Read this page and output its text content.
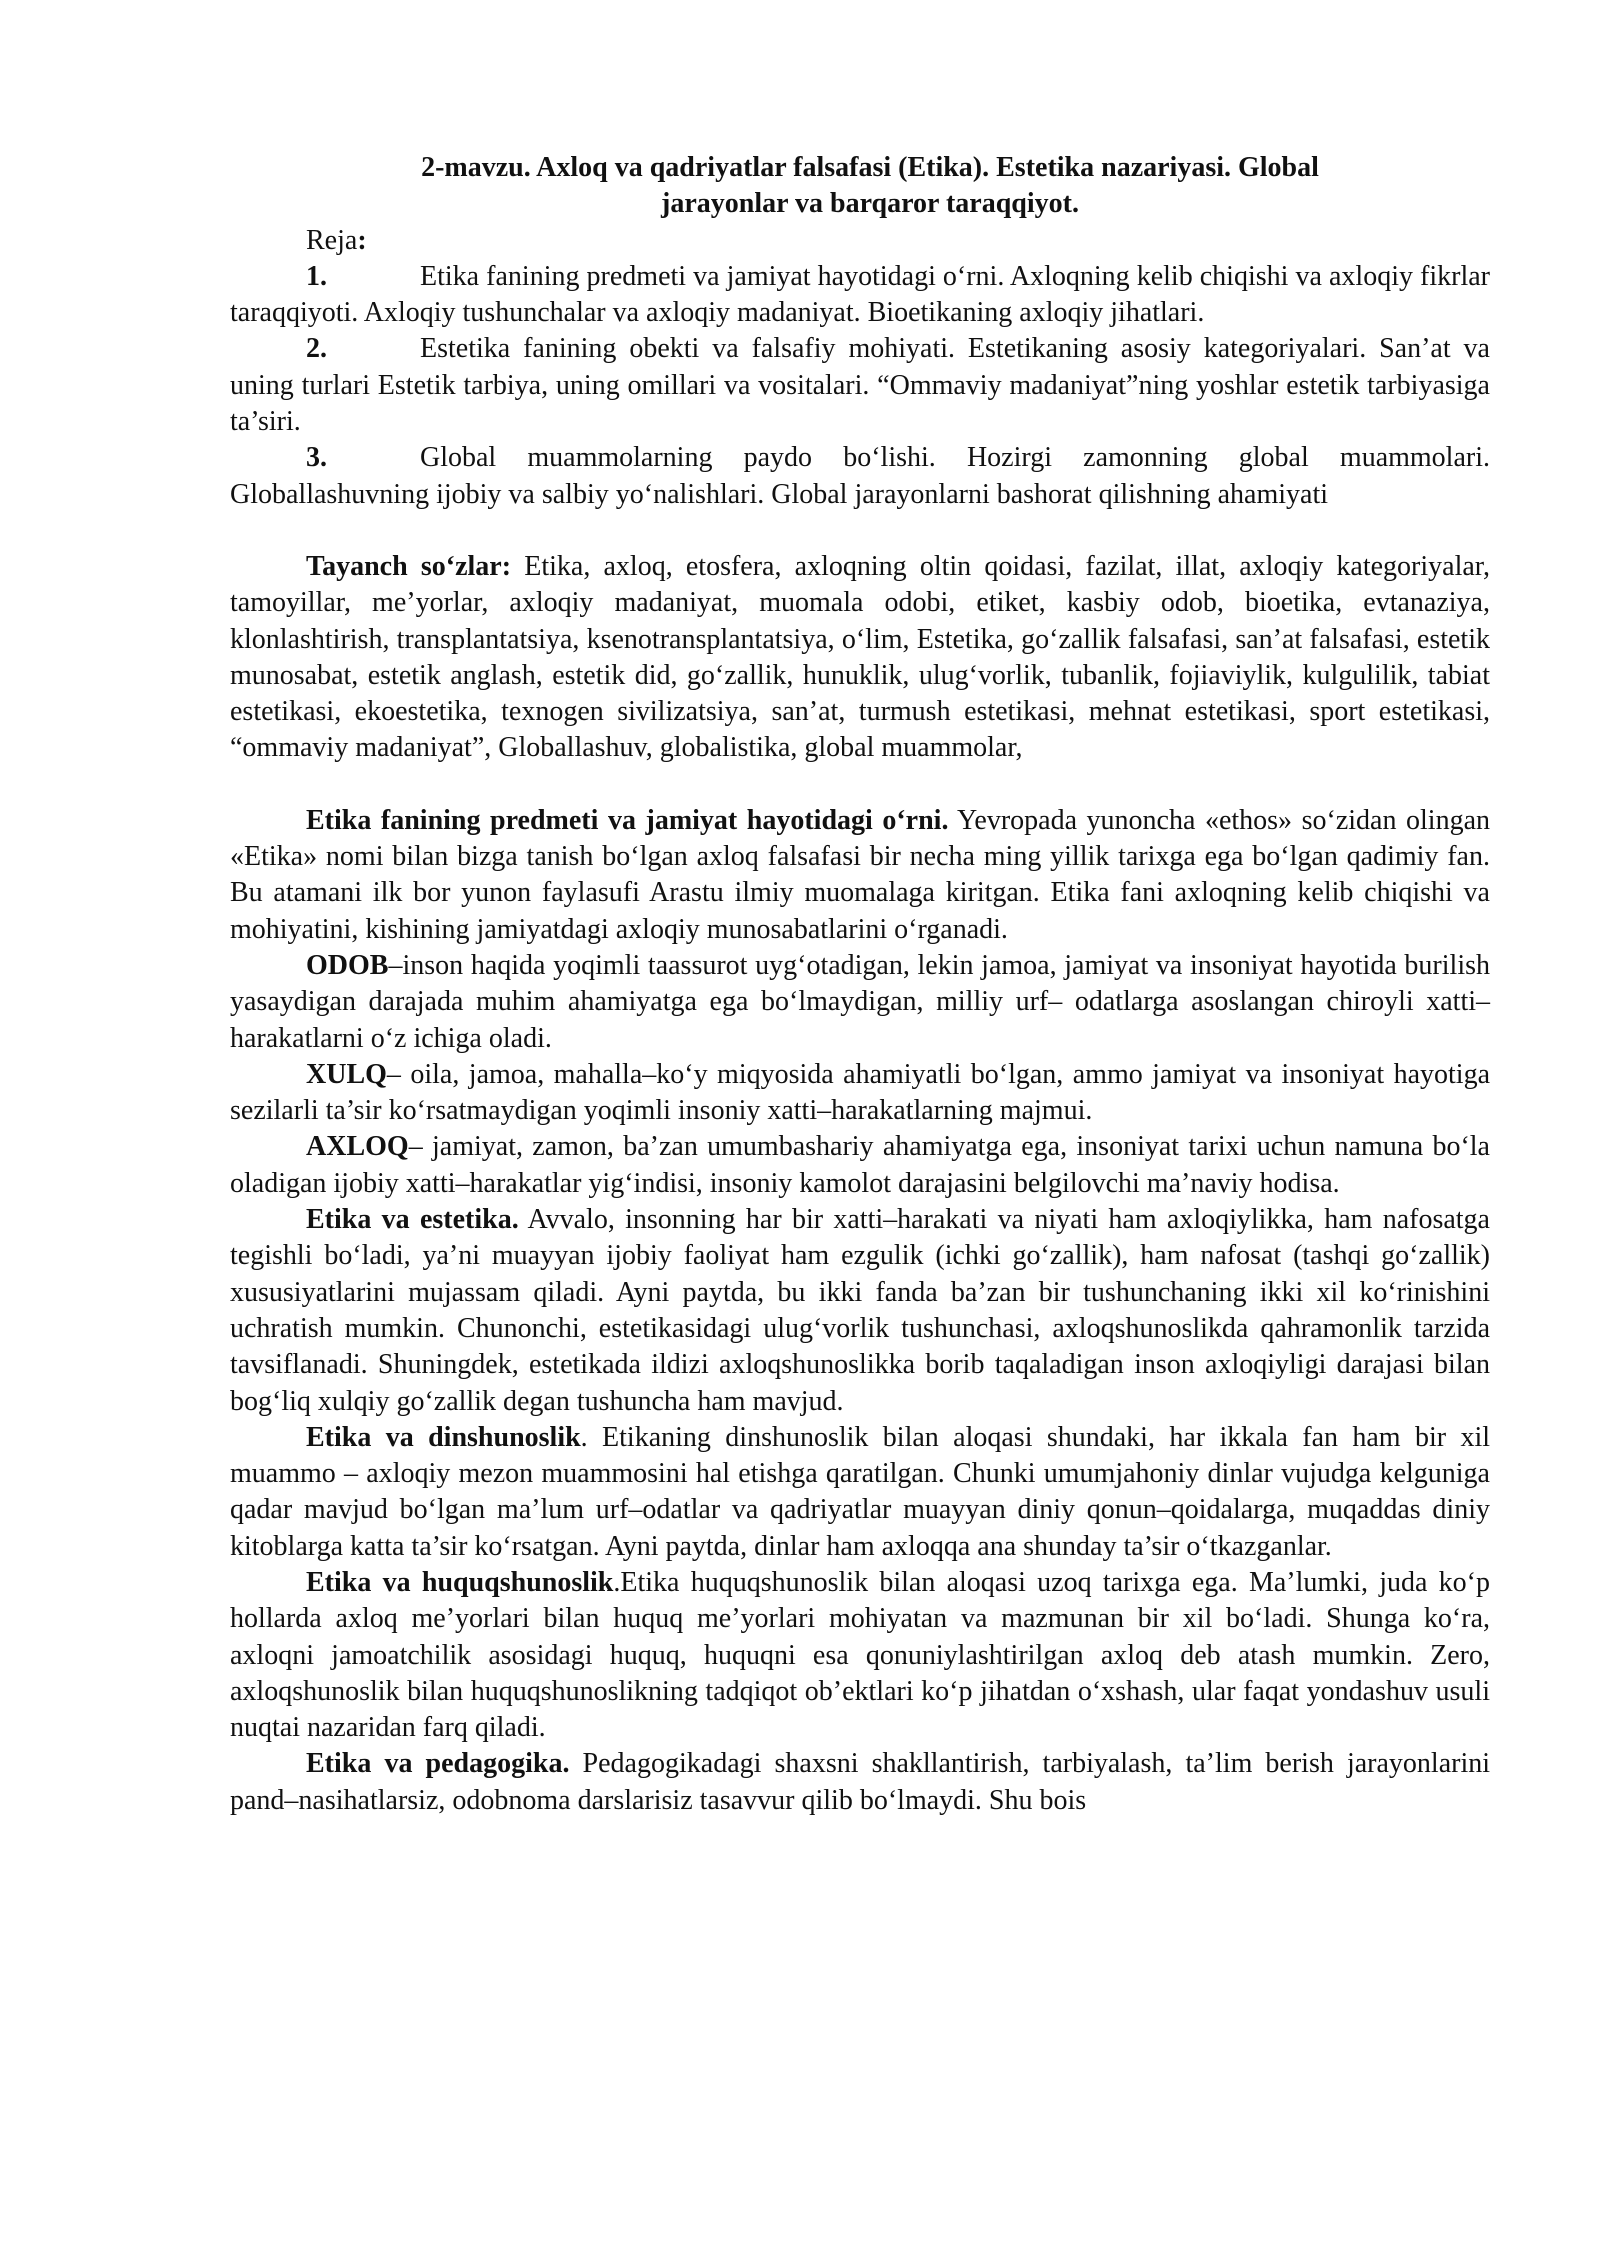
2-mavzu. Axloq va qadriyatlar falsafasi (Etika). Estetika nazariyasi. Global
jarayonlar va barqaror taraqqiyot.

Reja:

1.	Etika fanining predmeti va jamiyat hayotidagi o‘rni. Axloqning kelib chiqishi va axloqiy fikrlar taraqqiyoti. Axloqiy tushunchalar va axloqiy madaniyat. Bioetikaning axloqiy jihatlari.

2.	Estetika fanining obekti va falsafiy mohiyati. Estetikaning asosiy kategoriyalari. San’at va uning turlari Estetik tarbiya, uning omillari va vositalari. “Ommaviy madaniyat”ning yoshlar estetik tarbiyasiga ta’siri.

3.	Global muammolarning paydo bo‘lishi. Hozirgi zamonning global muammolari. Globallashuvning ijobiy va salbiy yo‘nalishlari. Global jarayonlarni bashorat qilishning ahamiyati

Tayanch so‘zlar: Etika, axloq, etosfera, axloqning oltin qoidasi, fazilat, illat, axloqiy kategoriyalar, tamoyillar, me’yorlar, axloqiy madaniyat, muomala odobi, etiket, kasbiy odob, bioetika, evtanaziya, klonlashtirish, transplantatsiya, ksenotransplantatsiya, o‘lim, Estetika, go‘zallik falsafasi, san’at falsafasi, estetik munosabat, estetik anglash, estetik did, go‘zallik, hunuklik, ulug‘vorlik, tubanlik, fojiaviylik, kulgulilik, tabiat estetikasi, ekoestetika, texnogen sivilizatsiya, san’at, turmush estetikasi, mehnat estetikasi, sport estetikasi, “ommaviy madaniyat”, Globallashuv, globalistika, global muammolar,

Etika fanining predmeti va jamiyat hayotidagi o‘rni. Yevropada yunoncha «ethos» so‘zidan olingan «Etika» nomi bilan bizga tanish bo‘lgan axloq falsafasi bir necha ming yillik tarixga ega bo‘lgan qadimiy fan. Bu atamani ilk bor yunon faylasufi Arastu ilmiy muomalaga kiritgan. Etika fani axloqning kelib chiqishi va mohiyatini, kishining jamiyatdagi axloqiy munosabatlarini o‘rganadi.

ODOB–inson haqida yoqimli taassurot uyg‘otadigan, lekin jamoa, jamiyat va insoniyat hayotida burilish yasaydigan darajada muhim ahamiyatga ega bo‘lmaydigan, milliy urf– odatlarga asoslangan chiroyli xatti–harakatlarni o‘z ichiga oladi.

XULQ– oila, jamoa, mahalla–ko‘y miqyosida ahamiyatli bo‘lgan, ammo jamiyat va insoniyat hayotiga sezilarli ta’sir ko‘rsatmaydigan yoqimli insoniy xatti–harakatlarning majmui.

AXLOQ– jamiyat, zamon, ba’zan umumbashariy ahamiyatga ega, insoniyat tarixi uchun namuna bo‘la oladigan ijobiy xatti–harakatlar yig‘indisi, insoniy kamolot darajasini belgilovchi ma’naviy hodisa.

Etika va estetika. Avvalo, insonning har bir xatti–harakati va niyati ham axloqiylikka, ham nafosatga tegishli bo‘ladi, ya’ni muayyan ijobiy faoliyat ham ezgulik (ichki go‘zallik), ham nafosat (tashqi go‘zallik) xususiyatlarini mujassam qiladi. Ayni paytda, bu ikki fanda ba’zan bir tushunchaning ikki xil ko‘rinishini uchratish mumkin. Chunonchi, estetikasidagi ulug‘vorlik tushunchasi, axloqshunoslikda qahramonlik tarzida tavsiflanadi. Shuningdek, estetikada ildizi axloqshunoslikka borib taqaladigan inson axloqiyligi darajasi bilan bog‘liq xulqiy go‘zallik degan tushuncha ham mavjud.

Etika va dinshunoslik. Etikaning dinshunoslik bilan aloqasi shundaki, har ikkala fan ham bir xil muammo – axloqiy mezon muammosini hal etishga qaratilgan. Chunki umumjahoniy dinlar vujudga kelguniga qadar mavjud bo‘lgan ma’lum urf–odatlar va qadriyatlar muayyan diniy qonun–qoidalarga, muqaddas diniy kitoblarga katta ta’sir ko‘rsatgan. Ayni paytda, dinlar ham axloqqa ana shunday ta’sir o‘tkazganlar.

Etika va huquqshunoslik.Etika huquqshunoslik bilan aloqasi uzoq tarixga ega. Ma’lumki, juda ko‘p hollarda axloq me’yorlari bilan huquq me’yorlari mohiyatan va mazmunan bir xil bo‘ladi. Shunga ko‘ra, axloqni jamoatchilik asosidagi huquq, huquqni esa qonuniylashtirilgan axloq deb atash mumkin. Zero, axloqshunoslik bilan huquqshunoslikning tadqiqot ob’ektlari ko‘p jihatdan o‘xshash, ular faqat yondashuv usuli nuqtai nazaridan farq qiladi.

Etika va pedagogika. Pedagogikadagi shaxsni shakllantirish, tarbiyalash, ta’lim berish jarayonlarini pand–nasihatlarsiz, odobnoma darslarisiz tasavvur qilib bo‘lmaydi. Shu bois
